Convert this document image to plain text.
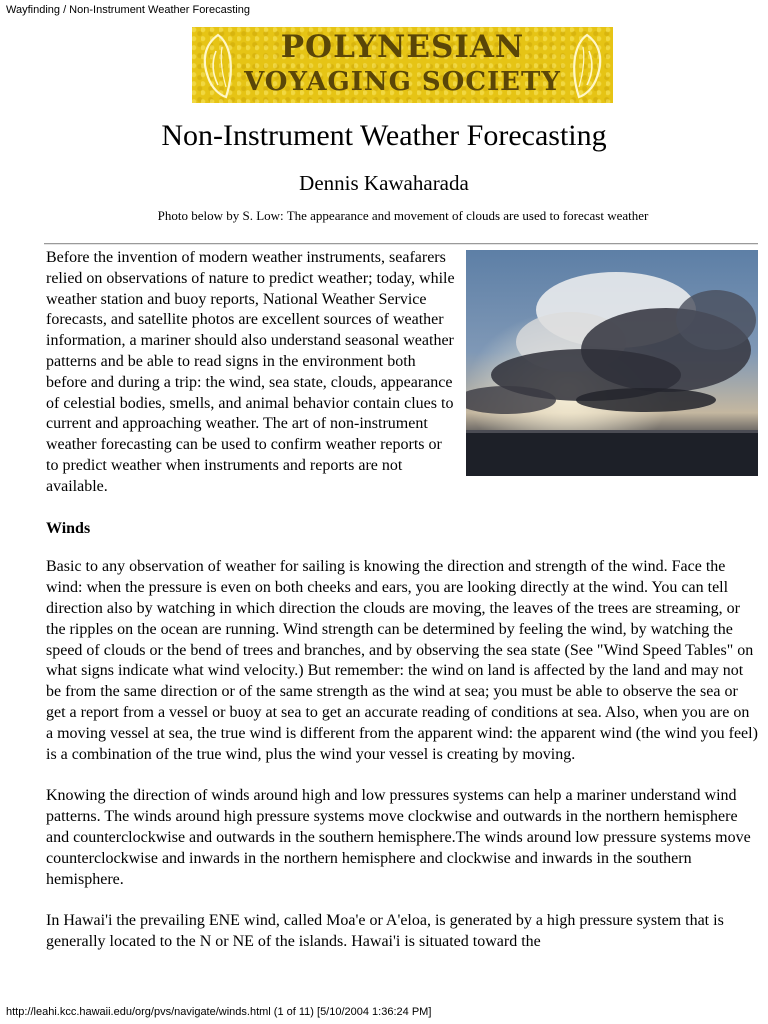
Wayfinding / Non-Instrument Weather Forecasting
POLYNESIAN
VOYAGING SOCIETY
Non-Instrument Weather Forecasting
Dennis Kawaharada

Photo below by S. Low: The appearance and movement of clouds are used to forecast weather

Before the invention of modern weather instruments, seafarers relied on observations of nature to predict weather; today, while weather station and buoy reports, National Weather Service forecasts, and satellite photos are excellent sources of weather information, a mariner should also understand seasonal weather patterns and be able to read signs in the environment both before and during a trip: the wind, sea state, clouds, appearance of celestial bodies, smells, and animal behavior contain clues to current and approaching weather. The art of non-instrument weather forecasting can be used to confirm weather reports or to predict weather when instruments and reports are not available.

Winds

Basic to any observation of weather for sailing is knowing the direction and strength of the wind. Face the wind: when the pressure is even on both cheeks and ears, you are looking directly at the wind. You can tell direction also by watching in which direction the clouds are moving, the leaves of the trees are streaming, or the ripples on the ocean are running. Wind strength can be determined by feeling the wind, by watching the speed of clouds or the bend of trees and branches, and by observing the sea state (See "Wind Speed Tables" on what signs indicate what wind velocity.) But remember: the wind on land is affected by the land and may not be from the same direction or of the same strength as the wind at sea; you must be able to observe the sea or get a report from a vessel or buoy at sea to get an accurate reading of conditions at sea. Also, when you are on a moving vessel at sea, the true wind is different from the apparent wind: the apparent wind (the wind you feel) is a combination of the true wind, plus the wind your vessel is creating by moving.

Knowing the direction of winds around high and low pressures systems can help a mariner understand wind patterns. The winds around high pressure systems move clockwise and outwards in the northern hemisphere and counterclockwise and outwards in the southern hemisphere.The winds around low pressure systems move counterclockwise and inwards in the northern hemisphere and clockwise and inwards in the southern hemisphere.

In Hawai'i the prevailing ENE wind, called Moa'e or A'eloa, is generated by a high pressure system that is generally located to the N or NE of the islands. Hawai'i is situated toward the

http://leahi.kcc.hawaii.edu/org/pvs/navigate/winds.html (1 of 11) [5/10/2004 1:36:24 PM]
